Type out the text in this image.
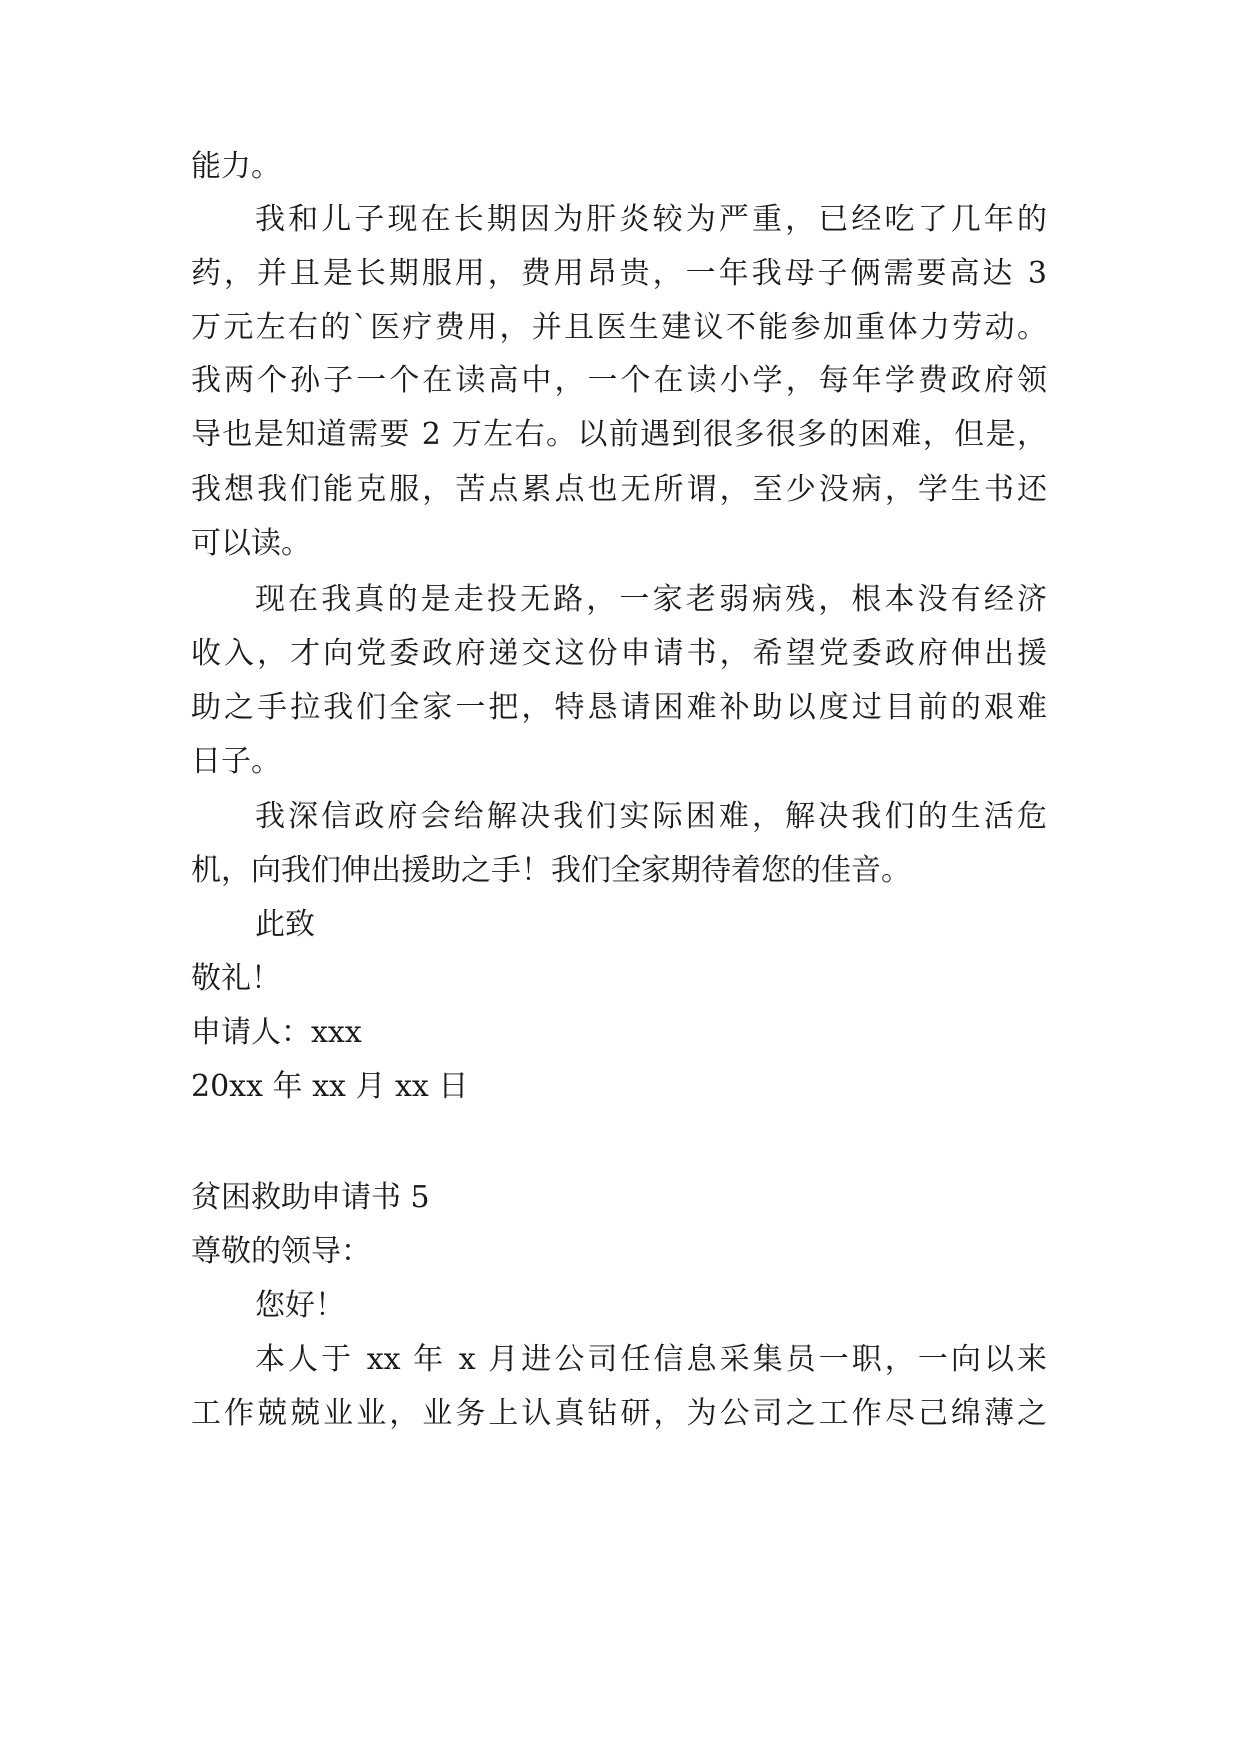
能力。
我和儿子现在长期因为肝炎较为严重，已经吃了几年的
药，并且是长期服用，费用昂贵，一年我母子俩需要高达 3
万元左右的`医疗费用，并且医生建议不能参加重体力劳动。
我两个孙子一个在读高中，一个在读小学，每年学费政府领
导也是知道需要 2 万左右。以前遇到很多很多的困难，但是，
我想我们能克服，苦点累点也无所谓，至少没病，学生书还
可以读。
现在我真的是走投无路，一家老弱病残，根本没有经济
收入，才向党委政府递交这份申请书，希望党委政府伸出援
助之手拉我们全家一把，特恳请困难补助以度过目前的艰难
日子。
我深信政府会给解决我们实际困难，解决我们的生活危
机，向我们伸出援助之手！我们全家期待着您的佳音。
此致
敬礼！
申请人：xxx
20xx 年 xx 月 xx 日
贫困救助申请书 5
尊敬的领导：
您好！
本人于 xx 年 x 月进公司任信息采集员一职，一向以来
工作兢兢业业，业务上认真钻研，为公司之工作尽己绵薄之
